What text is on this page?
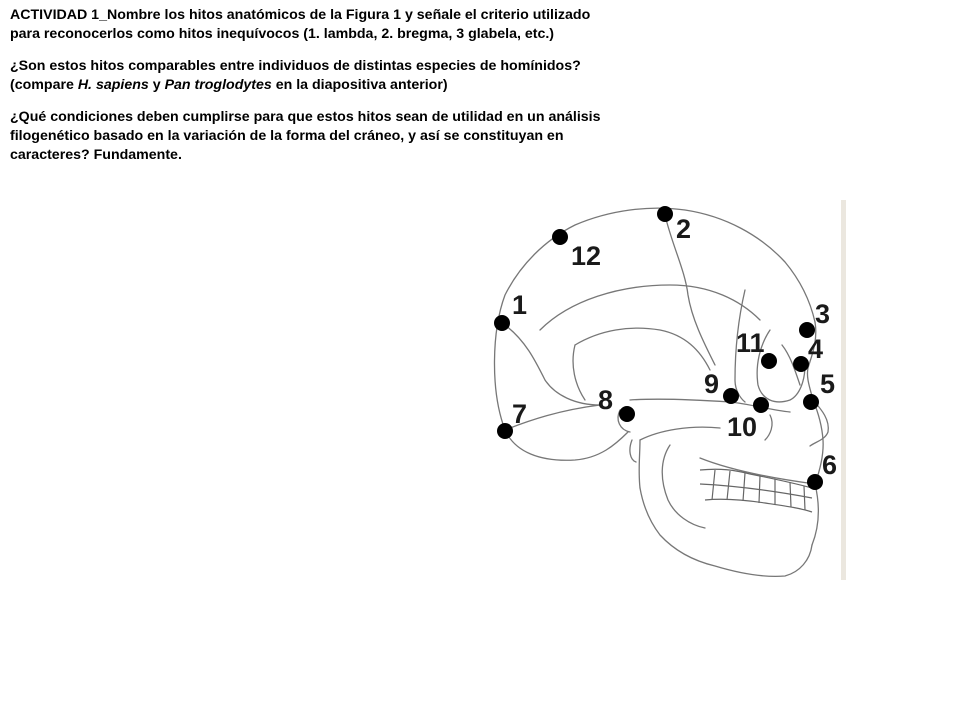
ACTIVIDAD 1_Nombre los hitos anatómicos de la Figura 1 y señale el criterio utilizado para reconocerlos como hitos inequívocos (1. lambda, 2. bregma, 3 glabela, etc.)

¿Son estos hitos comparables entre individuos de distintas especies de homínidos? (compare H. sapiens y Pan troglodytes en la diapositiva anterior)

¿Qué condiciones deben cumplirse para que estos hitos sean de utilidad en un análisis filogenético basado en la variación de la forma del cráneo, y así se constituyan en caracteres? Fundamente.

1
2
3
4
5
6
7	8
9
10
11
12
